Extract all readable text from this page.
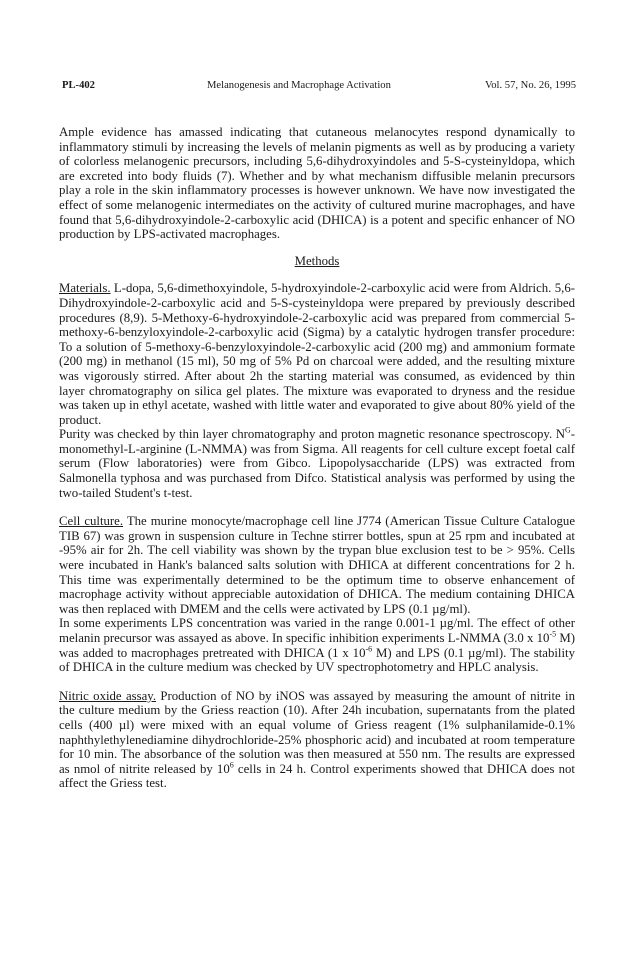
PL-402	Melanogenesis and Macrophage Activation	Vol. 57, No. 26, 1995

Ample evidence has amassed indicating that cutaneous melanocytes respond dynamically to inflammatory stimuli by increasing the levels of melanin pigments as well as by producing a variety of colorless melanogenic precursors, including 5,6-dihydroxyindoles and 5-S-cysteinyldopa, which are excreted into body fluids (7). Whether and by what mechanism diffusible melanin precursors play a role in the skin inflammatory processes is however unknown. We have now investigated the effect of some melanogenic intermediates on the activity of cultured murine macrophages, and have found that 5,6-dihydroxyindole-2-carboxylic acid (DHICA) is a potent and specific enhancer of NO production by LPS-activated macrophages.

Methods

Materials. L-dopa, 5,6-dimethoxyindole, 5-hydroxyindole-2-carboxylic acid were from Aldrich. 5,6-Dihydroxyindole-2-carboxylic acid and 5-S-cysteinyldopa were prepared by previously described procedures (8,9). 5-Methoxy-6-hydroxyindole-2-carboxylic acid was prepared from commercial 5-methoxy-6-benzyloxyindole-2-carboxylic acid (Sigma) by a catalytic hydrogen transfer procedure: To a solution of 5-methoxy-6-benzyloxyindole-2-carboxylic acid (200 mg) and ammonium formate (200 mg) in methanol (15 ml), 50 mg of 5% Pd on charcoal were added, and the resulting mixture was vigorously stirred. After about 2h the starting material was consumed, as evidenced by thin layer chromatography on silica gel plates. The mixture was evaporated to dryness and the residue was taken up in ethyl acetate, washed with little water and evaporated to give about 80% yield of the product.

Purity was checked by thin layer chromatography and proton magnetic resonance spectroscopy. $N^G-monomethyl-L$-arginine (L-NMMA) was from Sigma. All reagents for cell culture except foetal calf serum (Flow laboratories) were from Gibco. Lipopolysaccharide (LPS) was extracted from Salmonella typhosa and was purchased from Difco. Statistical analysis was performed by using the two-tailed Student's t-test.

Cell culture. The murine monocyte/macrophage cell line J774 (American Tissue Culture Catalogue TIB 67) was grown in suspension culture in Techne stirrer bottles, spun at 25 rpm and incubated at -95% air for 2h. The cell viability was shown by the trypan blue exclusion test to be > 95%. Cells were incubated in Hank's balanced salts solution with DHICA at different concentrations for 2 h. This time was experimentally determined to be the optimum time to observe enhancement of macrophage activity without appreciable autoxidation of DHICA. The medium containing DHICA was then replaced with DMEM and the cells were activated by LPS (0.1 µg/ml).

In some experiments LPS concentration was varied in the range 0.001-1 µg/ml. The effect of other melanin precursor was assayed as above. In specific inhibition experiments L-NMMA (3.0 x $10^{-5}$ M) was added to macrophages pretreated with DHICA (1 x $10^{-6}$ M) and LPS (0.1 µg/ml). The stability of DHICA in the culture medium was checked by UV spectrophotometry and HPLC analysis.

Nitric oxide assay. Production of NO by iNOS was assayed by measuring the amount of nitrite in the culture medium by the Griess reaction (10). After 24h incubation, supernatants from the plated cells (400 µl) were mixed with an equal volume of Griess reagent (1% sulphanilamide-0.1% naphthylethylenediamine dihydrochloride-25% phosphoric acid) and incubated at room temperature for 10 min. The absorbance of the solution was then measured at 550 nm. The results are expressed as nmol of nitrite released by $10^6$ cells in 24 h. Control experiments showed that DHICA does not affect the Griess test.
